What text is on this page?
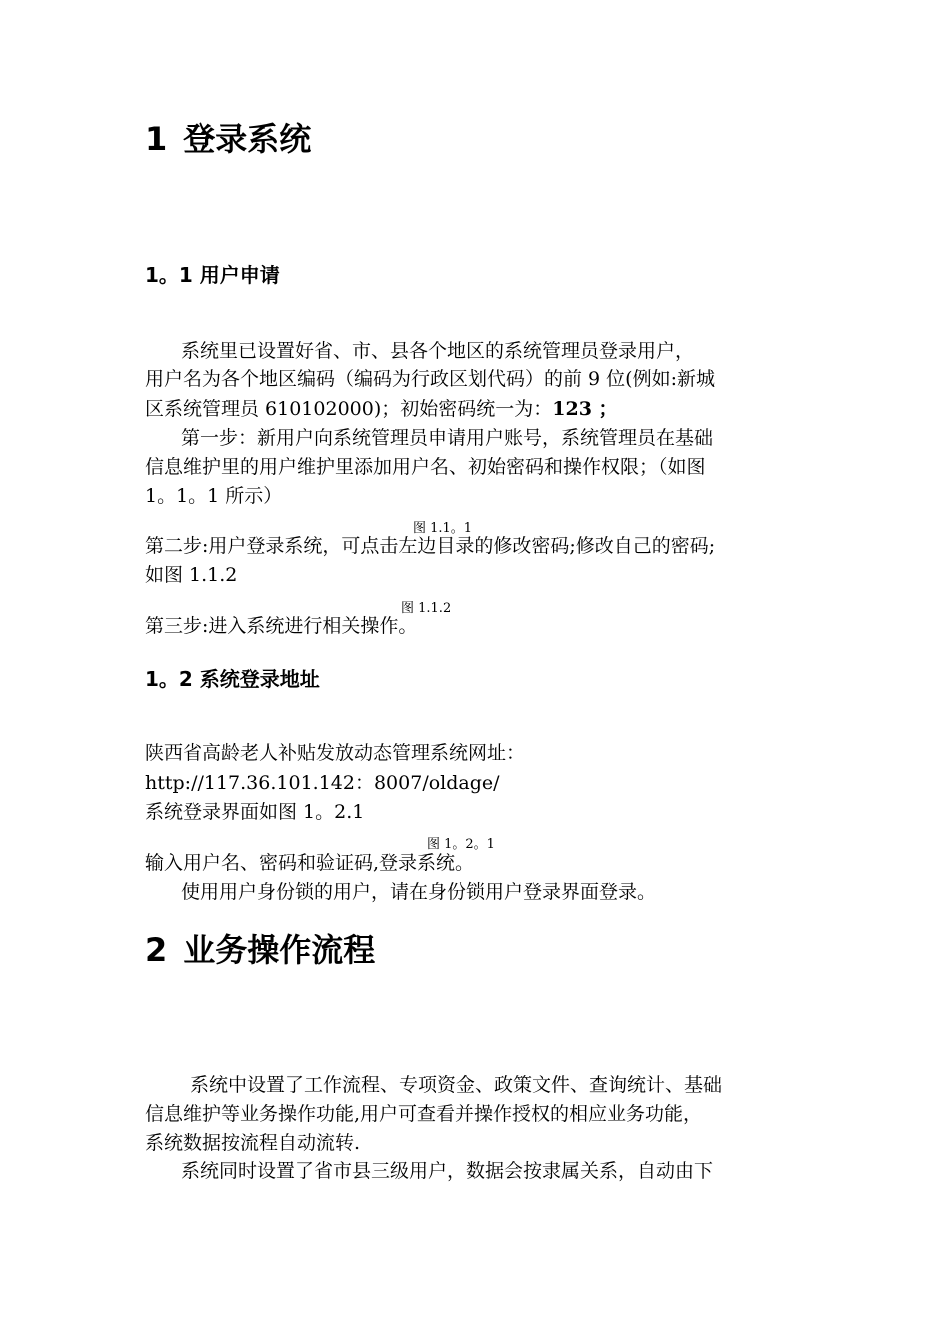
1 登录系统
1。1 用户申请
系统里已设置好省、市、县各个地区的系统管理员登录用户，
用户名为各个地区编码（编码为行政区划代码）的前 9 位(例如:新城
区系统管理员 610102000)；初始密码统一为：123 ；
第一步：新用户向系统管理员申请用户账号，系统管理员在基础
信息维护里的用户维护里添加用户名、初始密码和操作权限；（如图
1。1。1 所示）
图 1.1。1
第二步:用户登录系统，可点击左边目录的修改密码;修改自己的密码;
如图 1.1.2
图 1.1.2
第三步:进入系统进行相关操作。
1。2 系统登录地址
陕西省高龄老人补贴发放动态管理系统网址：
http://117.36.101.142：8007/oldage/
系统登录界面如图 1。2.1
图 1。2。1
输入用户名、密码和验证码,登录系统。
使用用户身份锁的用户，请在身份锁用户登录界面登录。
2 业务操作流程
系统中设置了工作流程、专项资金、政策文件、查询统计、基础
信息维护等业务操作功能,用户可查看并操作授权的相应业务功能，
系统数据按流程自动流转.
系统同时设置了省市县三级用户，数据会按隶属关系，自动由下
